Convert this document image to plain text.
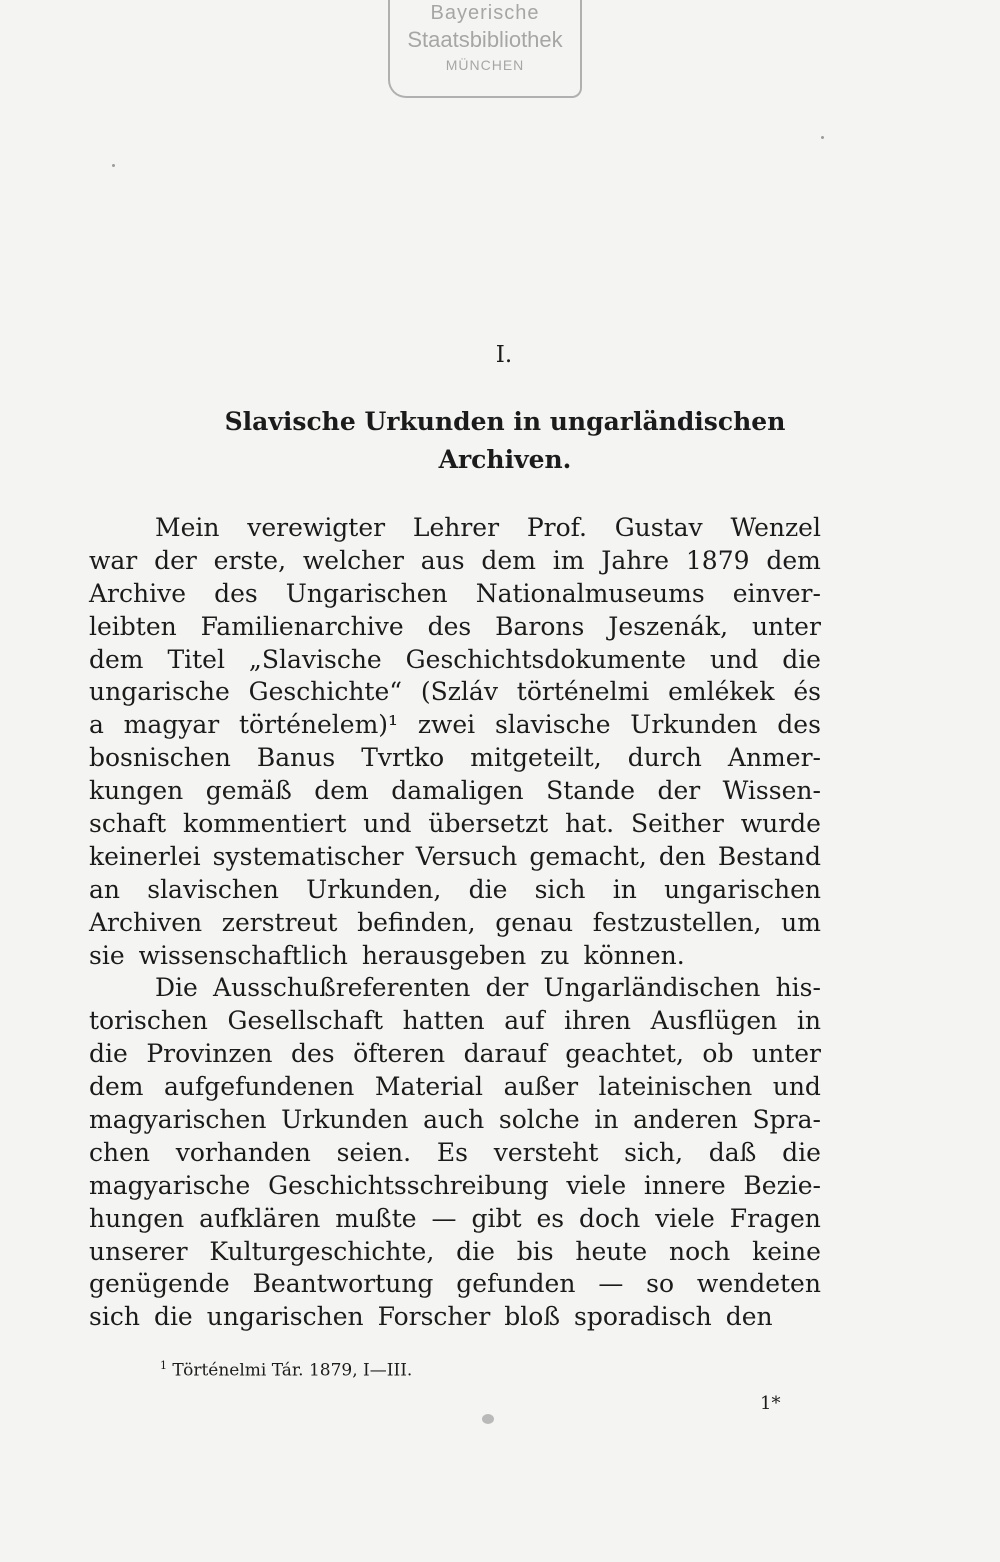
Bayerische
Staatsbibliothek
MÜNCHEN
I.
Slavische Urkunden in ungarländischen
Archiven.
Mein verewigter Lehrer Prof. Gustav Wenzel
war der erste, welcher aus dem im Jahre 1879 dem
Archive des Ungarischen Nationalmuseums einver-
leibten Familienarchive des Barons Jeszenák, unter
dem Titel „Slavische Geschichtsdokumente und die
ungarische Geschichte“ (Szláv történelmi emlékek és
a magyar történelem)¹ zwei slavische Urkunden des
bosnischen Banus Tvrtko mitgeteilt, durch Anmer-
kungen gemäß dem damaligen Stande der Wissen-
schaft kommentiert und übersetzt hat. Seither wurde
keinerlei systematischer Versuch gemacht, den Bestand
an slavischen Urkunden, die sich in ungarischen
Archiven zerstreut befinden, genau festzustellen, um
sie wissenschaftlich herausgeben zu können.
Die Ausschußreferenten der Ungarländischen his-
torischen Gesellschaft hatten auf ihren Ausflügen in
die Provinzen des öfteren darauf geachtet, ob unter
dem aufgefundenen Material außer lateinischen und
magyarischen Urkunden auch solche in anderen Spra-
chen vorhanden seien. Es versteht sich, daß die
magyarische Geschichtsschreibung viele innere Bezie-
hungen aufklären mußte — gibt es doch viele Fragen
unserer Kulturgeschichte, die bis heute noch keine
genügende Beantwortung gefunden — so wendeten
sich die ungarischen Forscher bloß sporadisch den
$^1$ Történelmi Tár. 1879, I—III.
1*
